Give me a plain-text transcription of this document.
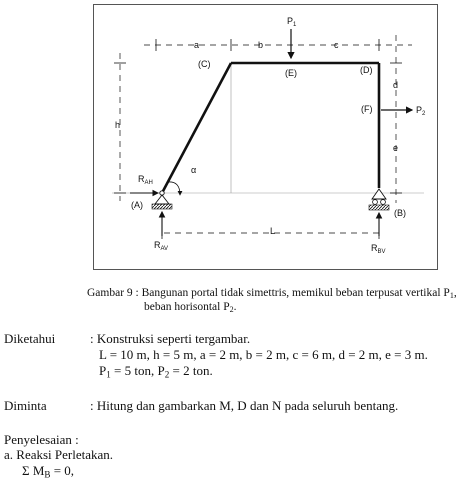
a	b	c
d
e
h
L
$P_1$
$P_2$
$R_{AH}$
$R_{AV}$	$R_{BV}$
α
(C)
(E)	(D)
(F)
(A)
(B)
Gambar 9 : Bangunan portal tidak simettris, memikul beban terpusat vertikal $P_1$,
beban horisontal $P_2$.
Diketahui	: Konstruksi seperti tergambar.
L = 10 m, h = 5 m, a = 2 m, b = 2 m, c = 6 m, d = 2 m, e = 3 m.
$P_1 = 5$ ton, $P_2 = 2$ ton.
Diminta	: Hitung dan gambarkan M, D dan N pada seluruh bentang.
Penyelesaian :
a. Reaksi Perletakan.
Σ $M_B = 0$,
